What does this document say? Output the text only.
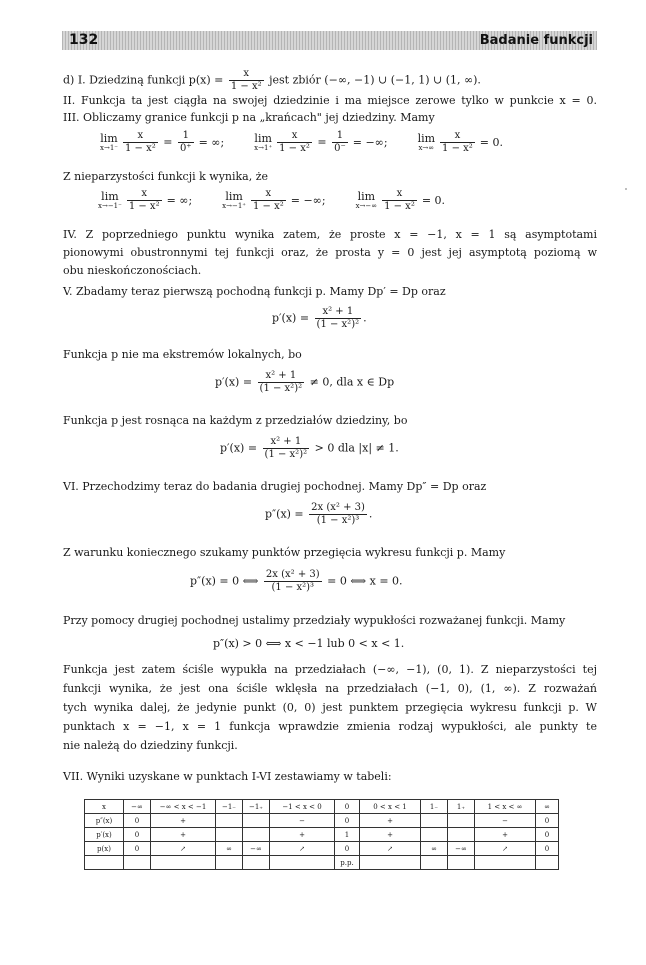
132	Badanie funkcji
d) I. Dziedziną funkcji $p(x) = \frac{x}{\text{1 − x²}}$ jest zbiór (−∞, −1) ∪ (−1, 1) ∪ (1, ∞).
II. Funkcja ta jest ciągła na swojej dziedzinie i ma miejsce zerowe tylko w punkcie x = 0.
III. Obliczamy granice funkcji p na „krańcach" jej dziedziny. Mamy
lim
$x\to 1^- \frac{x}{\text{1 − x²}} = \frac{1}{0^+}$ = ∞;	lim
$x\to 1^+ \frac{x}{\text{1 − x²}} = \frac{1}{0^-}$ = −∞;	lim
$x\to\infty \frac{x}{\text{1 − x²}} = 0$.
Z nieparzystości funkcji k wynika, że
lim
$x\to-1^- \frac{x}{\text{1 − x²}}$ = ∞;	lim
$x\to-1^+ \frac{x}{\text{1 − x²}}$ = −∞;	lim
$x\to-\infty \frac{x}{\text{1 − x²}} = 0$.
IV. Z poprzedniego punktu wynika zatem, że proste x = −1, x = 1 są asymptotami
pionowymi obustronnymi tej funkcji oraz, że prosta y = 0 jest jej asymptotą poziomą w
obu nieskończonościach.
V. Zbadamy teraz pierwszą pochodną funkcji p. Mamy Dp′ = Dp oraz
$p'(x) = \frac{\text{x² + 1}}{\text{(1 − x²)²}}$ .
Funkcja p nie ma ekstremów lokalnych, bo
$p'(x) = \frac{\text{x² + 1}}{\text{(1 − x²)²}} \ne 0$, dla x ∈ Dp
Funkcja p jest rosnąca na każdym z przedziałów dziedziny, bo
$p'(x) = \frac{\text{x² + 1}}{\text{(1 − x²)²}} > 0$ dla |x| ≠ 1.
VI. Przechodzimy teraz do badania drugiej pochodnej. Mamy Dp″ = Dp oraz
$p''(x) = \frac{\text{2x (x² + 3)}}{\text{(1 − x²)³}}$ .
Z warunku koniecznego szukamy punktów przegięcia wykresu funkcji p. Mamy
p″(x) = 0 ⟺ $\frac{\text{2x (x² + 3)}}{\text{(1 − x²)³}} = 0$ ⟺ x = 0.
Przy pomocy drugiej pochodnej ustalimy przedziały wypukłości rozważanej funkcji. Mamy
p″(x) > 0 ⟺ x < −1 lub 0 < x < 1.
Funkcja jest zatem ściśle wypukła na przedziałach (−∞, −1), (0, 1). Z nieparzystości tej
funkcji wynika, że jest ona ściśle wklęsła na przedziałach (−1, 0), (1, ∞). Z rozważań
tych wynika dalej, że jedynie punkt (0, 0) jest punktem przegięcia wykresu funkcji p. W
punktach x = −1, x = 1 funkcja wprawdzie zmienia rodzaj wypukłości, ale punkty te
nie należą do dziedziny funkcji.
VII. Wyniki uzyskane w punktach I-VI zestawiamy w tabeli:
x	−∞	−∞ < x < −1	−1₋	−1₊	−1 < x < 0	0	0 < x < 1	1₋	1₊	1 < x < ∞	∞
p″(x)	0	+			−	0	+			−	0
p′(x)	0	+			+	1	+			+	0
p(x)	0	↗	∞	−∞	↗	0	↗	∞	−∞	↗	0
						p.p.					
